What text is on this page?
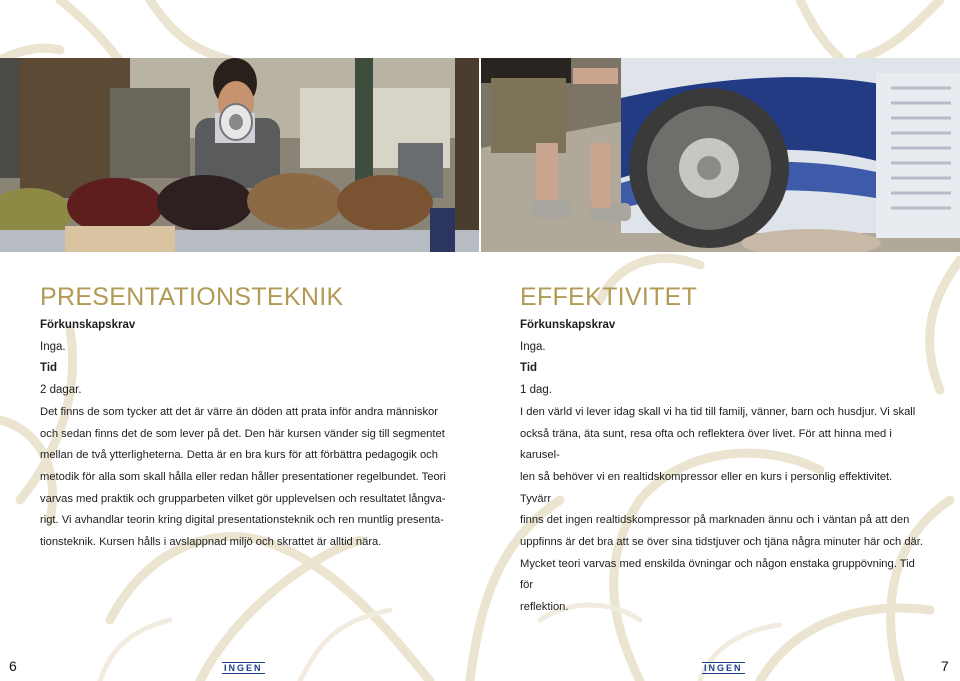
PRESENTATIONSTEKNIK
Förkunskapskrav
Inga.
Tid
2 dagar.
Det finns de som tycker att det är värre än döden att prata inför andra människor
och sedan finns det de som lever på det. Den här kursen vänder sig till segmentet
mellan de två ytterligheterna. Detta är en bra kurs för att förbättra pedagogik och
metodik för alla som skall hålla eller redan håller presentationer regelbundet. Teori
varvas med praktik och grupparbeten vilket gör upplevelsen och resultatet långva-
rigt. Vi avhandlar teorin kring digital presentationsteknik och ren muntlig presenta-
tionsteknik. Kursen hålls i avslappnad miljö och skrattet är alltid nära.
EFFEKTIVITET
Förkunskapskrav
Inga.
Tid
1 dag.
I den värld vi lever idag skall vi ha tid till familj, vänner, barn och husdjur. Vi skall
också träna, äta sunt, resa ofta och reflektera över livet. För att hinna med i karusel-
len så behöver vi en realtidskompressor eller en kurs i personlig effektivitet. Tyvärr
finns det ingen realtidskompressor på marknaden ännu och i väntan på att den
uppfinns är det bra att se över sina tidstjuver och tjäna några minuter här och där.
Mycket teori varvas med enskilda övningar och någon enstaka gruppövning. Tid för
reflektion.
6	INGEN	INGEN	7
